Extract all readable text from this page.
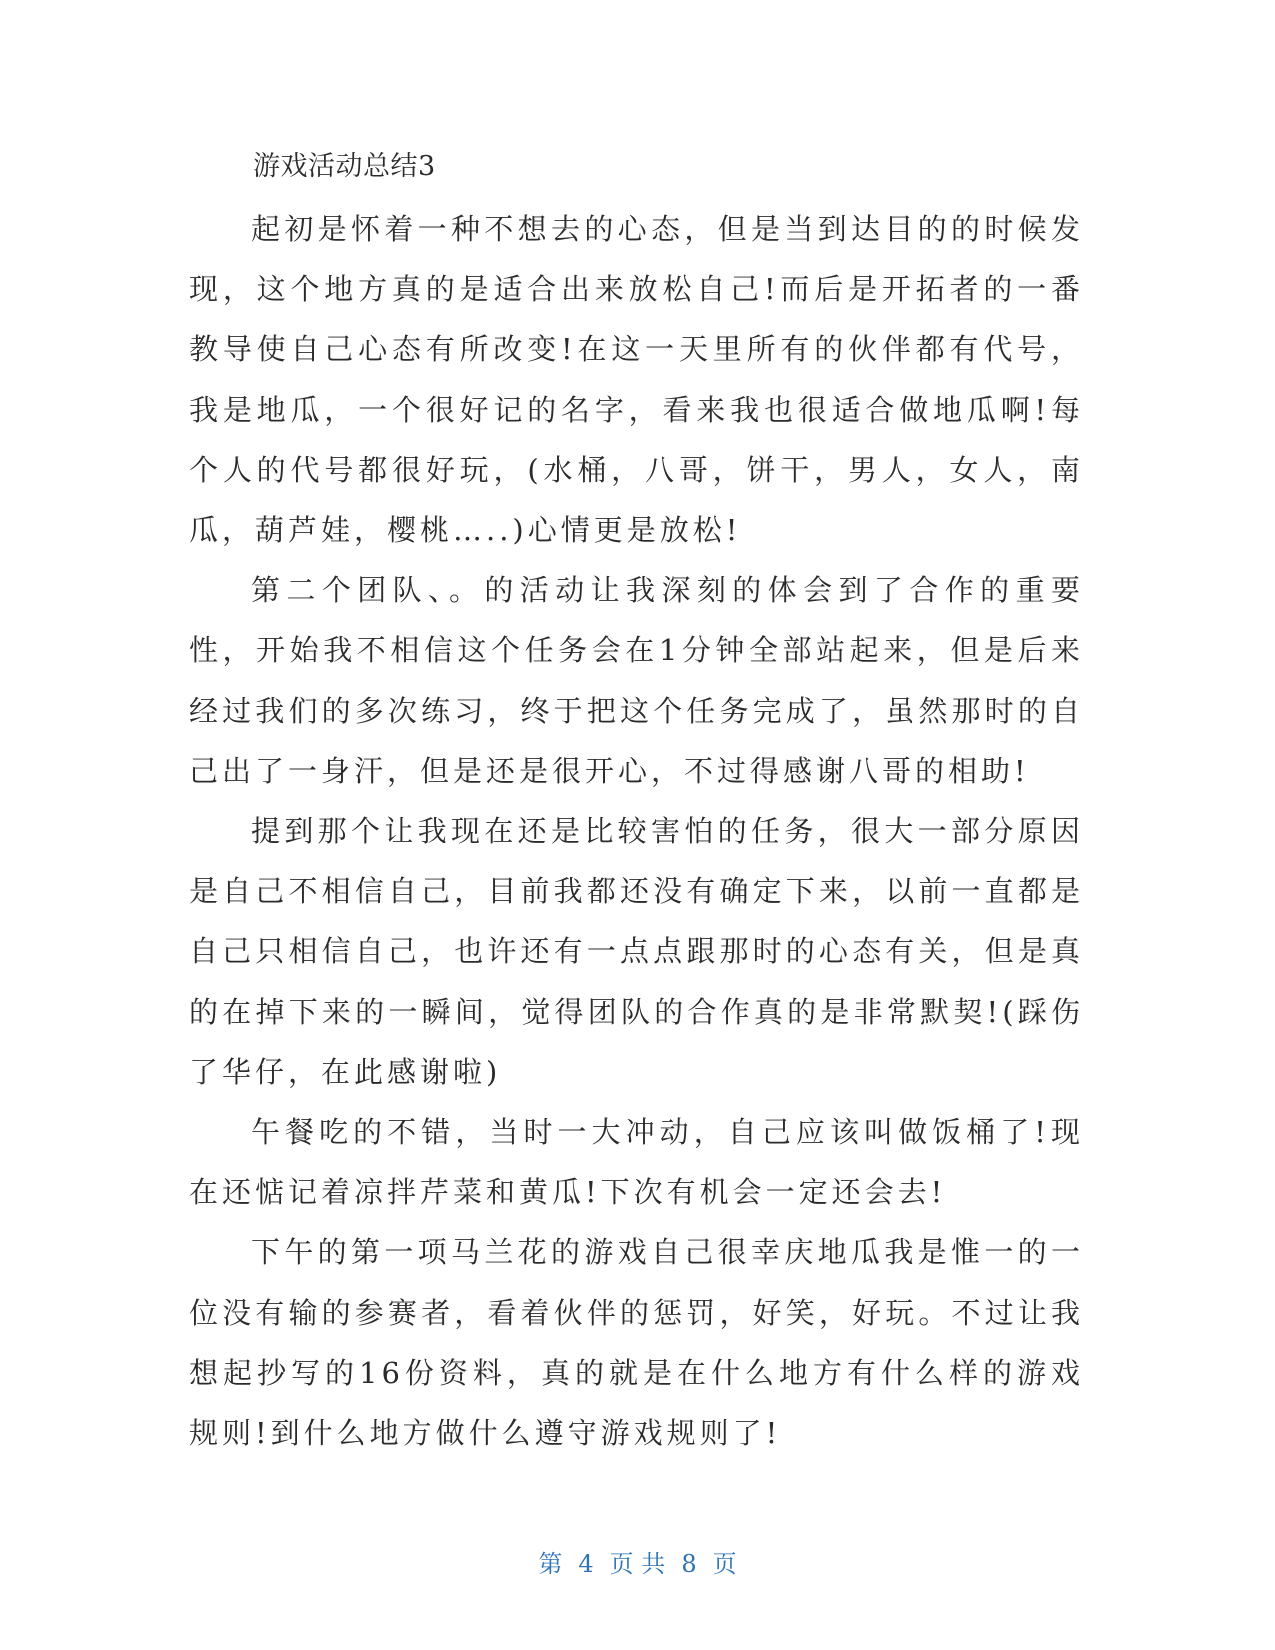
游戏活动总结3

起初是怀着一种不想去的心态，但是当到达目的的时候发现，这个地方真的是适合出来放松自己!而后是开拓者的一番教导使自己心态有所改变!在这一天里所有的伙伴都有代号，我是地瓜，一个很好记的名字，看来我也很适合做地瓜啊!每个人的代号都很好玩，(水桶，八哥，饼干，男人，女人，南瓜，葫芦娃，樱桃…..)心情更是放松!

第二个团队、。的活动让我深刻的体会到了合作的重要性，开始我不相信这个任务会在1分钟全部站起来，但是后来经过我们的多次练习，终于把这个任务完成了，虽然那时的自己出了一身汗，但是还是很开心，不过得感谢八哥的相助!

提到那个让我现在还是比较害怕的任务，很大一部分原因是自己不相信自己，目前我都还没有确定下来，以前一直都是自己只相信自己，也许还有一点点跟那时的心态有关，但是真的在掉下来的一瞬间，觉得团队的合作真的是非常默契!(踩伤了华仔，在此感谢啦)

午餐吃的不错，当时一大冲动，自己应该叫做饭桶了!现在还惦记着凉拌芹菜和黄瓜!下次有机会一定还会去!

下午的第一项马兰花的游戏自己很幸庆地瓜我是惟一的一位没有输的参赛者，看着伙伴的惩罚，好笑，好玩。不过让我想起抄写的16份资料，真的就是在什么地方有什么样的游戏规则!到什么地方做什么遵守游戏规则了!

第 4 页 共 8 页
